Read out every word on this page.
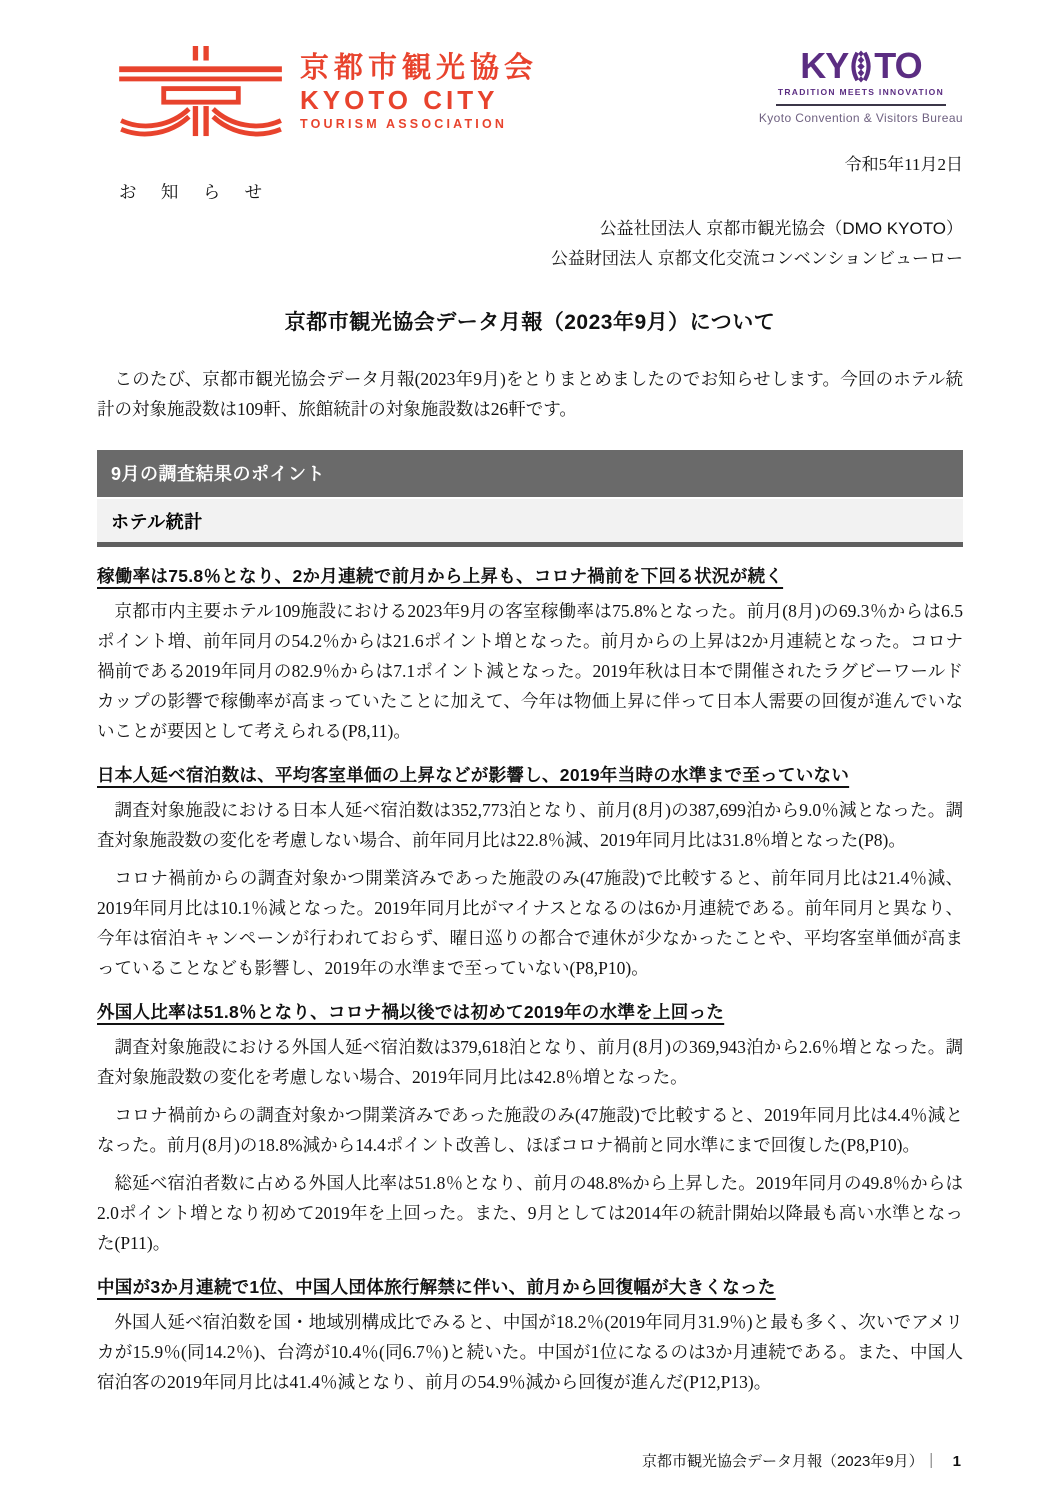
京都市観光協会
KYOTO CITY
TOURISM ASSOCIATION
KY TO
TRADITION MEETS INNOVATION
Kyoto Convention & Visitors Bureau
令和5年11月2日
お 知 ら せ
公益社団法人 京都市観光協会（DMO KYOTO）
公益財団法人 京都文化交流コンベンションビューロー
京都市観光協会データ月報（2023年9月）について

このたび、京都市観光協会データ月報(2023年9月)をとりまとめましたのでお知らせします。今回のホテル統計の対象施設数は109軒、旅館統計の対象施設数は26軒です。

9月の調査結果のポイント
ホテル統計
稼働率は75.8％となり、2か月連続で前月から上昇も、コロナ禍前を下回る状況が続く

京都市内主要ホテル109施設における2023年9月の客室稼働率は75.8%となった。前月(8月)の69.3％からは6.5ポイント増、前年同月の54.2％からは21.6ポイント増となった。前月からの上昇は2か月連続となった。コロナ禍前である2019年同月の82.9％からは7.1ポイント減となった。2019年秋は日本で開催されたラグビーワールドカップの影響で稼働率が高まっていたことに加えて、今年は物価上昇に伴って日本人需要の回復が進んでいないことが要因として考えられる(P8,11)。

日本人延べ宿泊数は、平均客室単価の上昇などが影響し、2019年当時の水準まで至っていない

調査対象施設における日本人延べ宿泊数は352,773泊となり、前月(8月)の387,699泊から9.0％減となった。調査対象施設数の変化を考慮しない場合、前年同月比は22.8％減、2019年同月比は31.8％増となった(P8)。

コロナ禍前からの調査対象かつ開業済みであった施設のみ(47施設)で比較すると、前年同月比は21.4％減、2019年同月比は10.1％減となった。2019年同月比がマイナスとなるのは6か月連続である。前年同月と異なり、今年は宿泊キャンペーンが行われておらず、曜日巡りの都合で連休が少なかったことや、平均客室単価が高まっていることなども影響し、2019年の水準まで至っていない(P8,P10)。

外国人比率は51.8％となり、コロナ禍以後では初めて2019年の水準を上回った

調査対象施設における外国人延べ宿泊数は379,618泊となり、前月(8月)の369,943泊から2.6％増となった。調査対象施設数の変化を考慮しない場合、2019年同月比は42.8％増となった。

コロナ禍前からの調査対象かつ開業済みであった施設のみ(47施設)で比較すると、2019年同月比は4.4％減となった。前月(8月)の18.8%減から14.4ポイント改善し、ほぼコロナ禍前と同水準にまで回復した(P8,P10)。

総延べ宿泊者数に占める外国人比率は51.8％となり、前月の48.8%から上昇した。2019年同月の49.8％からは2.0ポイント増となり初めて2019年を上回った。また、9月としては2014年の統計開始以降最も高い水準となった(P11)。

中国が3か月連続で1位、中国人団体旅行解禁に伴い、前月から回復幅が大きくなった

外国人延べ宿泊数を国・地域別構成比でみると、中国が18.2％(2019年同月31.9％)と最も多く、次いでアメリカが15.9％(同14.2％)、台湾が10.4％(同6.7％)と続いた。中国が1位になるのは3か月連続である。また、中国人宿泊客の2019年同月比は41.4％減となり、前月の54.9％減から回復が進んだ(P12,P13)。

京都市観光協会データ月報（2023年9月）｜ 1
